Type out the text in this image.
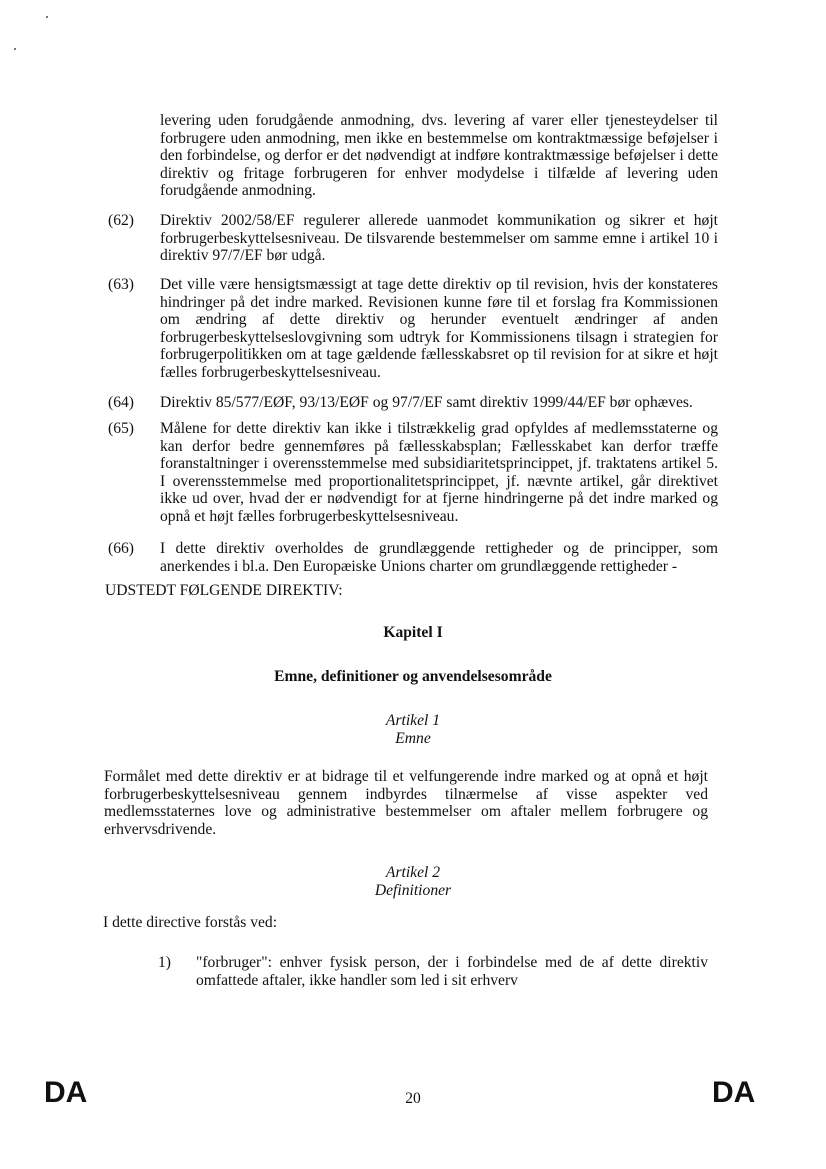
levering uden forudgående anmodning, dvs. levering af varer eller tjenesteydelser til forbrugere uden anmodning, men ikke en bestemmelse om kontraktmæssige beføjelser i den forbindelse, og derfor er det nødvendigt at indføre kontraktmæssige beføjelser i dette direktiv og fritage forbrugeren for enhver modydelse i tilfælde af levering uden forudgående anmodning.
(62)	Direktiv 2002/58/EF regulerer allerede uanmodet kommunikation og sikrer et højt forbrugerbeskyttelsesniveau. De tilsvarende bestemmelser om samme emne i artikel 10 i direktiv 97/7/EF bør udgå.
(63)	Det ville være hensigtsmæssigt at tage dette direktiv op til revision, hvis der konstateres hindringer på det indre marked. Revisionen kunne føre til et forslag fra Kommissionen om ændring af dette direktiv og herunder eventuelt ændringer af anden forbrugerbeskyttelseslovgivning som udtryk for Kommissionens tilsagn i strategien for forbrugerpolitikken om at tage gældende fællesskabsret op til revision for at sikre et højt fælles forbrugerbeskyttelsesniveau.
(64)	Direktiv 85/577/EØF, 93/13/EØF og 97/7/EF samt direktiv 1999/44/EF bør ophæves.
(65)	Målene for dette direktiv kan ikke i tilstrækkelig grad opfyldes af medlemsstaterne og kan derfor bedre gennemføres på fællesskabsplan; Fællesskabet kan derfor træffe foranstaltninger i overensstemmelse med subsidiaritetsprincippet, jf. traktatens artikel 5. I overensstemmelse med proportionalitetsprincippet, jf. nævnte artikel, går direktivet ikke ud over, hvad der er nødvendigt for at fjerne hindringerne på det indre marked og opnå et højt fælles forbrugerbeskyttelsesniveau.
(66)	I dette direktiv overholdes de grundlæggende rettigheder og de principper, som anerkendes i bl.a. Den Europæiske Unions charter om grundlæggende rettigheder -
UDSTEDT FØLGENDE DIREKTIV:
Kapitel I
Emne, definitioner og anvendelsesområde
Artikel 1
Emne
Formålet med dette direktiv er at bidrage til et velfungerende indre marked og at opnå et højt forbrugerbeskyttelsesniveau gennem indbyrdes tilnærmelse af visse aspekter ved medlemsstaternes love og administrative bestemmelser om aftaler mellem forbrugere og erhvervsdrivende.
Artikel 2
Definitioner
I dette directive forstås ved:
1) "forbruger": enhver fysisk person, der i forbindelse med de af dette direktiv omfattede aftaler, ikke handler som led i sit erhverv
DA	20	DA
